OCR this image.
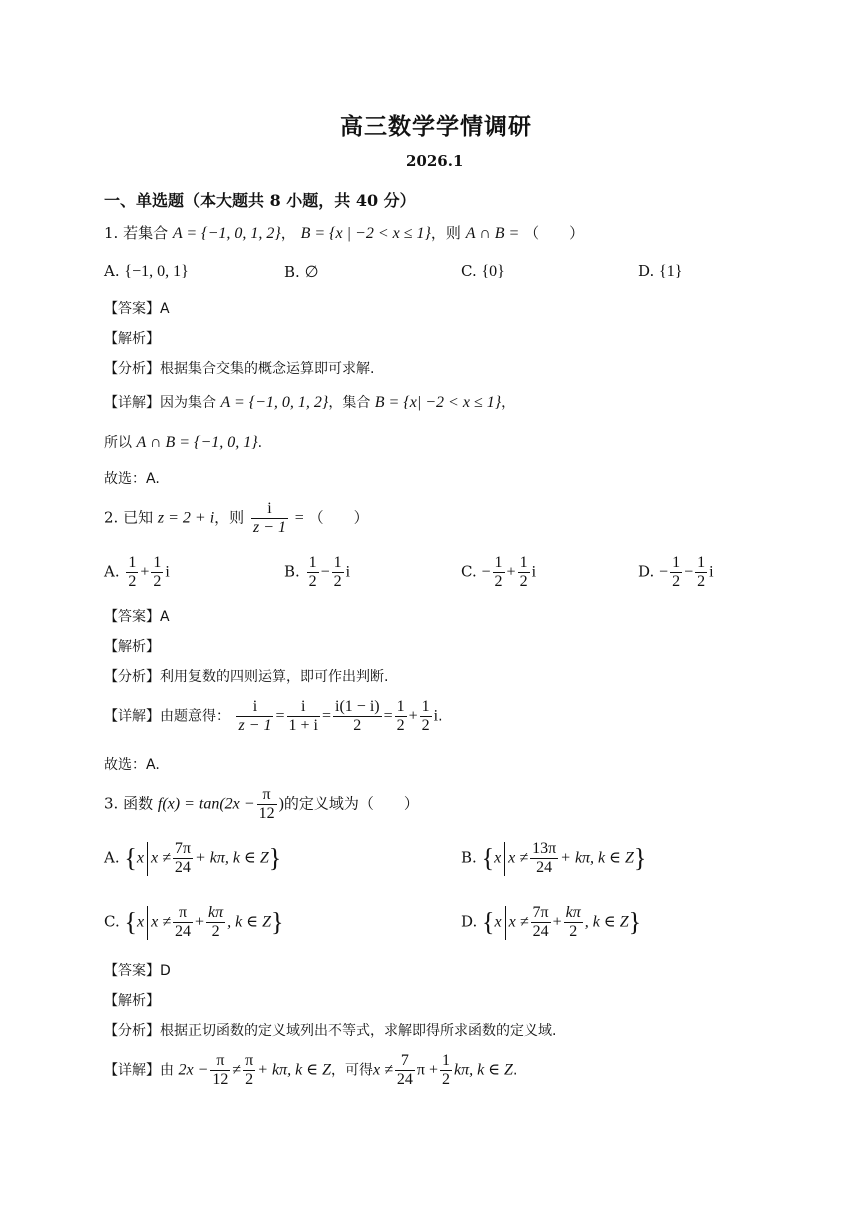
高三数学学情调研
2026.1
一、单选题（本大题共 8 小题，共 40 分）
1. 若集合 A = {−1, 0, 1, 2}， B = {x | −2 < x ≤ 1}，则 A ∩ B = （　　）
A. {−1, 0, 1}	B. ∅	C. {0}	D. {1}
【答案】A
【解析】
【分析】根据集合交集的概念运算即可求解.
【详解】因为集合 A = {−1, 0, 1, 2}，集合 B = {x| −2 < x ≤ 1}，
所以 A ∩ B = {−1, 0, 1}.
故选：A.
2. 已知 z = 2 + i，则 $\frac{i}{z - 1}$ = （　　）
A. $\frac{1}{2} + \frac{1}{2}$ i	B. $\frac{1}{2} - \frac{1}{2}$ i	C. − $\frac{1}{2} + \frac{1}{2}$ i	D. − $\frac{1}{2} - \frac{1}{2}$ i
【答案】A
【解析】
【分析】利用复数的四则运算，即可作出判断.
【详解】由题意得： $\frac{i}{z - 1} = \frac{i}{1 + i} = \frac{i(1 - i)}{2} = \frac{1}{2} + \frac{1}{2} i$.
故选：A.
3. 函数 $f(x) = \tan(2x - \frac{\pi}{12}$ )的定义域为（　　）
A. {x $x \ne \frac{7\pi}{24} + k\pi$, k ∈ Z}	B. {x $x \ne \frac{13\pi}{24} + k\pi$, k ∈ Z}
C. {x $x \ne \frac{\pi}{24} + \frac{k\pi}{2}$ , k ∈ Z}	D. {x $x \ne \frac{7\pi}{24} + \frac{k\pi}{2}$ , k ∈ Z}
【答案】D
【解析】
【分析】根据正切函数的定义域列出不等式，求解即得所求函数的定义域.
【详解】由 $2x - \frac{\pi}{12} \ne \frac{\pi}{2} + k\pi$, k ∈ Z，可得$x \ne \frac{7}{24}$ $\pi + \frac{1}{2} k\pi$, k ∈ Z.
